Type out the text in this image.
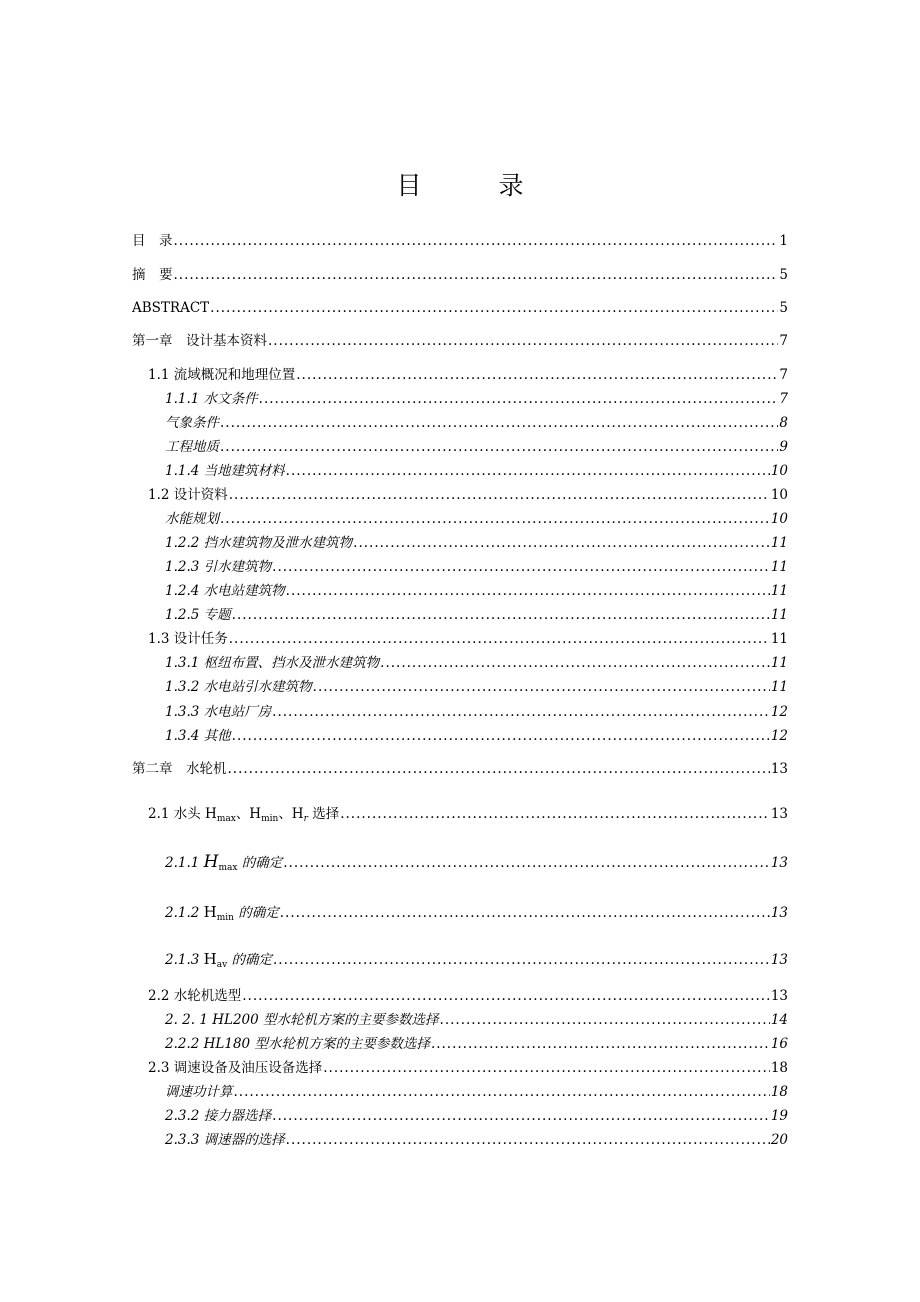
目　录
目　录 .....	1
摘　要 .....	5
ABSTRACT .....	5
第一章　设计基本资料 .....	7
1.1 流域概况和地理位置 .....	7
1.1.1 水文条件 .....	7
气象条件 .....	8
工程地质 .....	9
1.1.4 当地建筑材料 .....	10
1.2 设计资料 .....	10
水能规划 .....	10
1.2.2 挡水建筑物及泄水建筑物 .....	11
1.2.3 引水建筑物 .....	11
1.2.4 水电站建筑物 .....	11
1.2.5 专题 .....	11
1.3 设计任务 .....	11
1.3.1 枢纽布置、挡水及泄水建筑物 .....	11
1.3.2 水电站引水建筑物 .....	11
1.3.3 水电站厂房 .....	12
1.3.4 其他 .....	12
第二章　水轮机 .....	13
2.1 水头 $H_{max}$、$H_{min}$、$H_r$ 选择 .....	13
2.1.1 $H_{max}$ 的确定 .....	13
2.1.2 $H_{min}$ 的确定 .....	13
2.1.3 $H_{av}$ 的确定 .....	13
2.2 水轮机选型 .....	13
2. 2. 1 HL200 型水轮机方案的主要参数选择 .....	14
2.2.2 HL180 型水轮机方案的主要参数选择 .....	16
2.3 调速设备及油压设备选择 .....	18
调速功计算 .....	18
2.3.2 接力器选择 .....	19
2.3.3 调速器的选择 .....	20
